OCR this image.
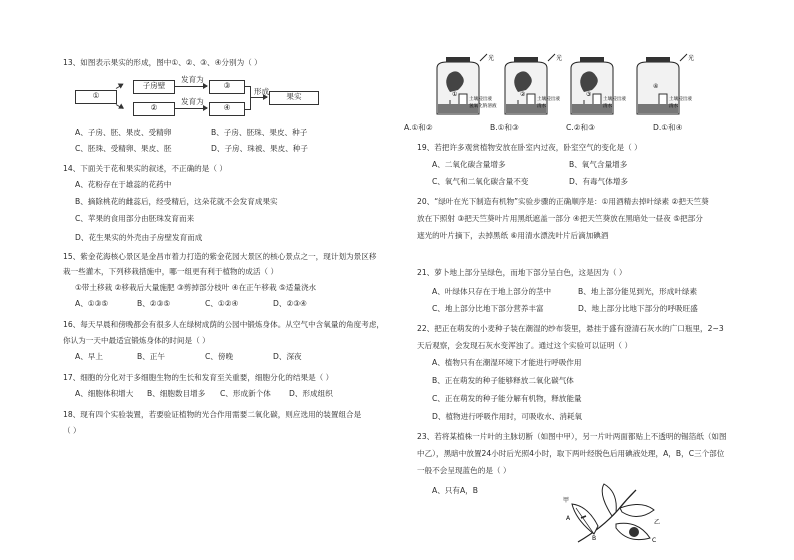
13、如图表示果实的形成，图中①、②、③、④分别为（ ）
①
子房壁
②
发育为
发育为
③
④
形成
果实
A、子房、胚、果皮、受精卵	B、子房、胚珠、果皮、种子
C、胚珠、受精卵、果皮、胚	D、子房、珠被、果皮、种子
14、下面关于花和果实的叙述，不正确的是（ ）
A、花粉存在于雄蕊的花药中
B、摘除桃花的雌蕊后，经受精后，这朵花就不会发育成果实
C、苹果的食用部分由胚珠发育而来
D、花生果实的外壳由子房壁发育而成
15、紫金花海核心景区是金昌市着力打造的紫金花园大景区的核心景点之一，现计划为景区移
栽一些灌木，下列移栽措施中，哪一组更有利于植物的成活（ ）
①带土移栽 ②移栽后大量施肥 ③剪掉部分枝叶 ④在正午移栽 ⑤适量浇水
A、①③⑤	B、②③⑤	C、①②④	D、②③④
16、每天早晨和傍晚都会有很多人在绿树成荫的公园中锻炼身体。从空气中含氧量的角度考虑，
你认为一天中最适宜锻炼身体的时间是（ ）
A、早上	B、正午	C、傍晚	D、深夜
17、细胞的分化对于多细胞生物的生长和发育至关重要，细胞分化的结果是（ ）
A、细胞体积增大 B、细胞数目增多 C、形成新个体 D、形成组织
18、现有四个实验装置，若要验证植物的光合作用需要二氧化碳，则应选用的装置组合是
（ ）
光
①
土壤浸出液
氢氧化钠溶液
光
②
土壤浸出液
清水
③
土壤浸出液
清水
光
④
土壤浸出液
清水
A.①和②	B.①和③	C.②和③	D.①和④
19、若把许多观赏植物安放在卧室内过夜，卧室空气的变化是（ ）
A、二氧化碳含量增多	B、氧气含量增多
C、氧气和二氧化碳含量不变	D、有毒气体增多
20、“绿叶在光下制造有机物”实验步骤的正确顺序是：①用酒精去掉叶绿素 ②把天竺葵
放在下照射 ③把天竺葵叶片用黑纸遮盖一部分 ④把天竺葵放在黑暗处一昼夜 ⑤把部分
遮光的叶片摘下，去掉黑纸 ⑥用清水漂洗叶片后滴加碘酒
21、萝卜地上部分呈绿色，而地下部分呈白色，这是因为（ ）
A、叶绿体只存在于地上部分的茎中	B、地上部分能见到光，形成叶绿素
C、地上部分比地下部分营养丰富	D、地上部分比地下部分的呼吸旺盛
22、把正在萌发的小麦种子装在潮湿的纱布袋里，悬挂于盛有澄清石灰水的广口瓶里，2~3
天后观察，会发现石灰水变浑浊了。通过这个实验可以证明（ ）
A、植物只有在潮湿环境下才能进行呼吸作用
B、正在萌发的种子能够释放二氧化碳气体
C、正在萌发的种子能分解有机物，释放能量
D、植物进行呼吸作用时，可吸收水、消耗氧
23、若将某植株一片叶的主脉切断（如图中甲），另一片叶两面都贴上不透明的锡箔纸（如图
中乙），黑暗中放置24小时后光照4小时，取下两叶经脱色后用碘液处理，A，B，C三个部位
一般不会呈现蓝色的是（ ）
A、只有A，B
甲
乙
A
B	C
